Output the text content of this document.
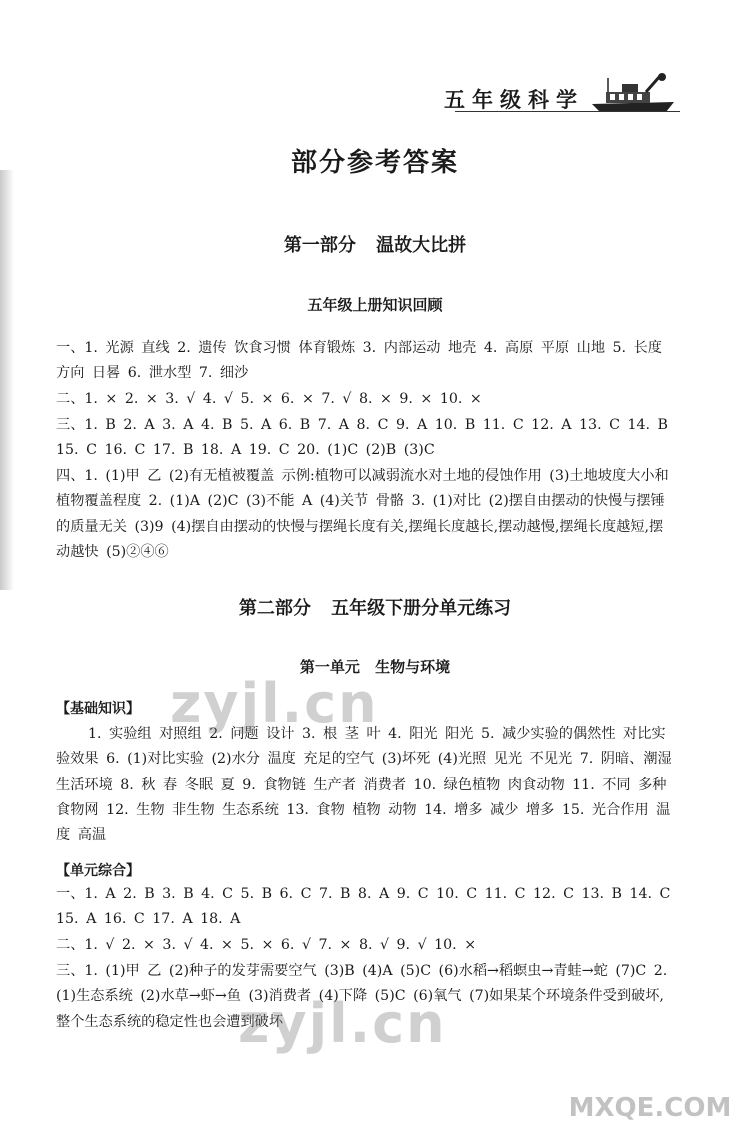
五年级科学
部分参考答案
第一部分 温故大比拼
五年级上册知识回顾

一、1. 光源 直线 2. 遗传 饮食习惯 体育锻炼 3. 内部运动 地壳 4. 高原 平原 山地 5. 长度 方向 日晷 6. 泄水型 7. 细沙

二、1. × 2. × 3. √ 4. √ 5. × 6. × 7. √ 8. × 9. × 10. ×

三、1. B 2. A 3. A 4. B 5. A 6. B 7. A 8. C 9. A 10. B 11. C 12. A 13. C 14. B 15. C 16. C 17. B 18. A 19. C 20. (1)C (2)B (3)C

四、1. (1)甲 乙 (2)有无植被覆盖 示例:植物可以减弱流水对土地的侵蚀作用 (3)土地坡度大小和植物覆盖程度 2. (1)A (2)C (3)不能 A (4)关节 骨骼 3. (1)对比 (2)摆自由摆动的快慢与摆锤的质量无关 (3)9 (4)摆自由摆动的快慢与摆绳长度有关,摆绳长度越长,摆动越慢,摆绳长度越短,摆动越快 (5)②④⑥

第二部分 五年级下册分单元练习
第一单元 生物与环境
【基础知识】

1. 实验组 对照组 2. 问题 设计 3. 根 茎 叶 4. 阳光 阳光 5. 减少实验的偶然性 对比实验效果 6. (1)对比实验 (2)水分 温度 充足的空气 (3)坏死 (4)光照 见光 不见光 7. 阴暗、潮湿 生活环境 8. 秋 春 冬眠 夏 9. 食物链 生产者 消费者 10. 绿色植物 肉食动物 11. 不同 多种 食物网 12. 生物 非生物 生态系统 13. 食物 植物 动物 14. 增多 减少 增多 15. 光合作用 温度 高温

【单元综合】

一、1. A 2. B 3. B 4. C 5. B 6. C 7. B 8. A 9. C 10. C 11. C 12. C 13. B 14. C 15. A 16. C 17. A 18. A

二、1. √ 2. × 3. √ 4. × 5. × 6. √ 7. × 8. √ 9. √ 10. ×

三、1. (1)甲 乙 (2)种子的发芽需要空气 (3)B (4)A (5)C (6)水稻→稻螟虫→青蛙→蛇 (7)C 2. (1)生态系统 (2)水草→虾→鱼 (3)消费者 (4)下降 (5)C (6)氧气 (7)如果某个环境条件受到破坏,整个生态系统的稳定性也会遭到破坏

zyjl.cn
zyjl.cn
MXQE.COM
